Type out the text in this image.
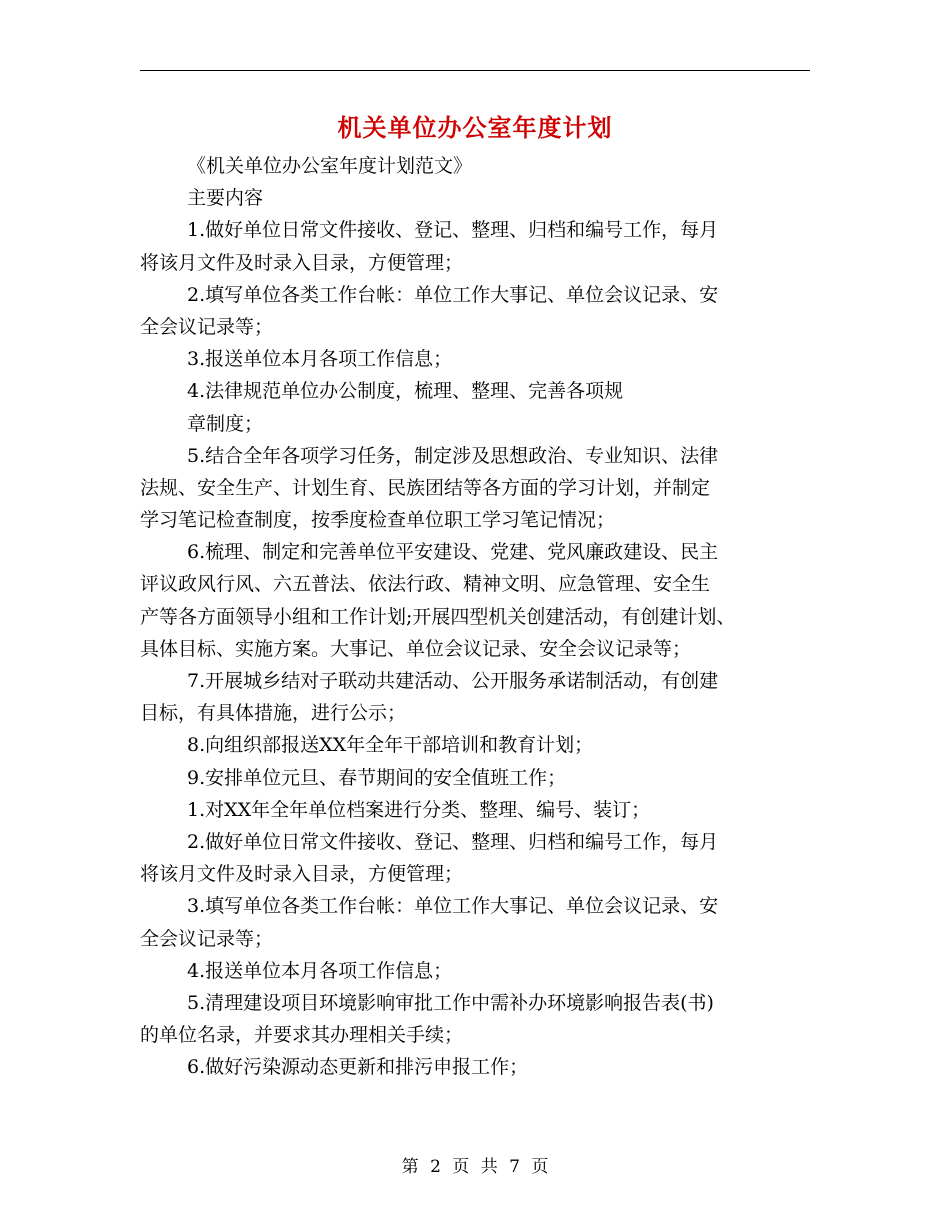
机关单位办公室年度计划
《机关单位办公室年度计划范文》
主要内容
1.做好单位日常文件接收、登记、整理、归档和编号工作，每月
将该月文件及时录入目录，方便管理；
2.填写单位各类工作台帐：单位工作大事记、单位会议记录、安
全会议记录等；
3.报送单位本月各项工作信息；
4.法律规范单位办公制度，梳理、整理、完善各项规
章制度；
5.结合全年各项学习任务，制定涉及思想政治、专业知识、法律
法规、安全生产、计划生育、民族团结等各方面的学习计划，并制定
学习笔记检查制度，按季度检查单位职工学习笔记情况；
6.梳理、制定和完善单位平安建设、党建、党风廉政建设、民主
评议政风行风、六五普法、依法行政、精神文明、应急管理、安全生
产等各方面领导小组和工作计划;开展四型机关创建活动，有创建计划、
具体目标、实施方案。大事记、单位会议记录、安全会议记录等；
7.开展城乡结对子联动共建活动、公开服务承诺制活动，有创建
目标，有具体措施，进行公示；
8.向组织部报送XX年全年干部培训和教育计划；
9.安排单位元旦、春节期间的安全值班工作；
1.对XX年全年单位档案进行分类、整理、编号、装订；
2.做好单位日常文件接收、登记、整理、归档和编号工作，每月
将该月文件及时录入目录，方便管理；
3.填写单位各类工作台帐：单位工作大事记、单位会议记录、安
全会议记录等；
4.报送单位本月各项工作信息；
5.清理建设项目环境影响审批工作中需补办环境影响报告表(书)
的单位名录，并要求其办理相关手续；
6.做好污染源动态更新和排污申报工作；
第 2 页 共 7 页
